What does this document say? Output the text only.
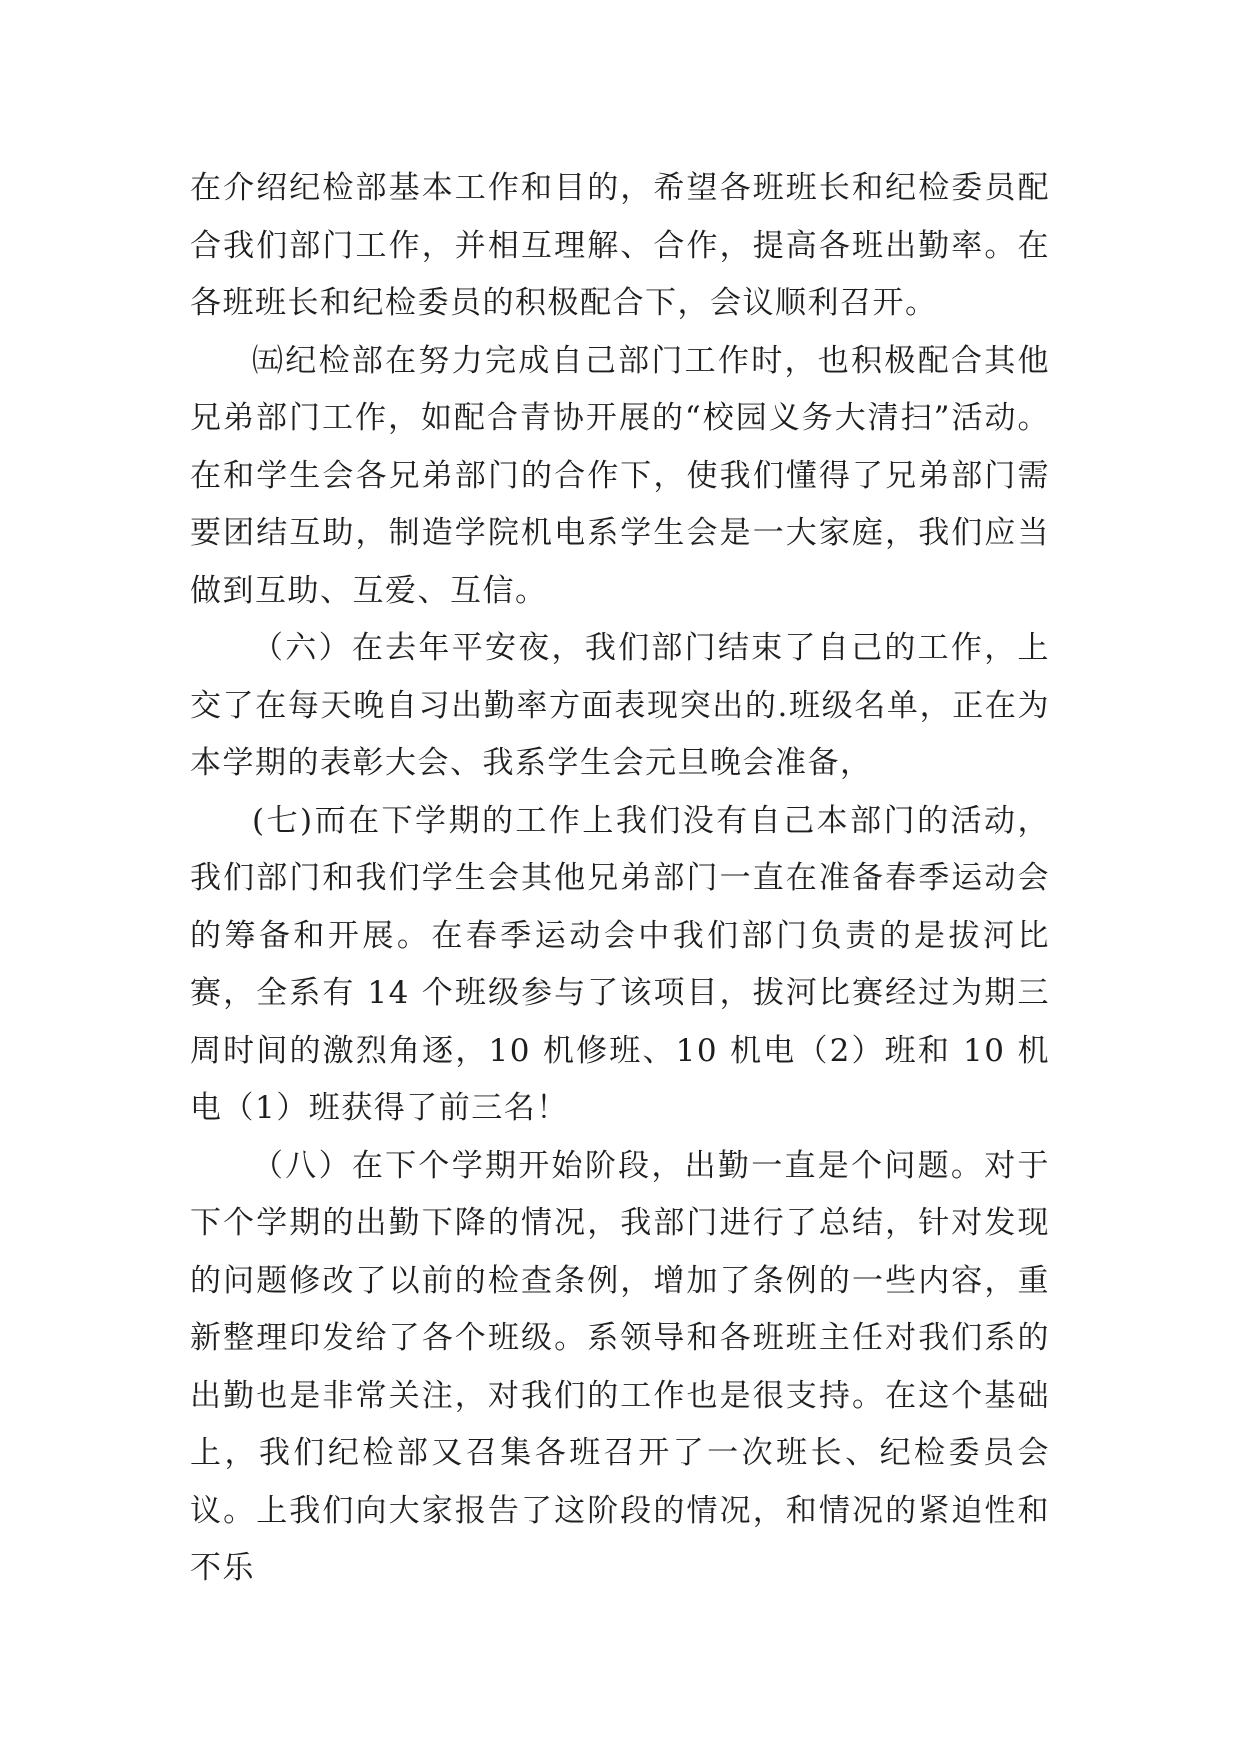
在介绍纪检部基本工作和目的，希望各班班长和纪检委员配合我们部门工作，并相互理解、合作，提高各班出勤率。在各班班长和纪检委员的积极配合下，会议顺利召开。

㈤纪检部在努力完成自己部门工作时，也积极配合其他兄弟部门工作，如配合青协开展的“校园义务大清扫”活动。在和学生会各兄弟部门的合作下，使我们懂得了兄弟部门需要团结互助，制造学院机电系学生会是一大家庭，我们应当做到互助、互爱、互信。

（六）在去年平安夜，我们部门结束了自己的工作，上交了在每天晚自习出勤率方面表现突出的.班级名单，正在为本学期的表彰大会、我系学生会元旦晚会准备，

(七)而在下学期的工作上我们没有自己本部门的活动，我们部门和我们学生会其他兄弟部门一直在准备春季运动会的筹备和开展。在春季运动会中我们部门负责的是拔河比赛，全系有 14 个班级参与了该项目，拔河比赛经过为期三周时间的激烈角逐，10 机修班、10 机电（2）班和 10 机电（1）班获得了前三名！

（八）在下个学期开始阶段，出勤一直是个问题。对于下个学期的出勤下降的情况，我部门进行了总结，针对发现的问题修改了以前的检查条例，增加了条例的一些内容，重新整理印发给了各个班级。系领导和各班班主任对我们系的出勤也是非常关注，对我们的工作也是很支持。在这个基础上，我们纪检部又召集各班召开了一次班长、纪检委员会议。上我们向大家报告了这阶段的情况，和情况的紧迫性和不乐
